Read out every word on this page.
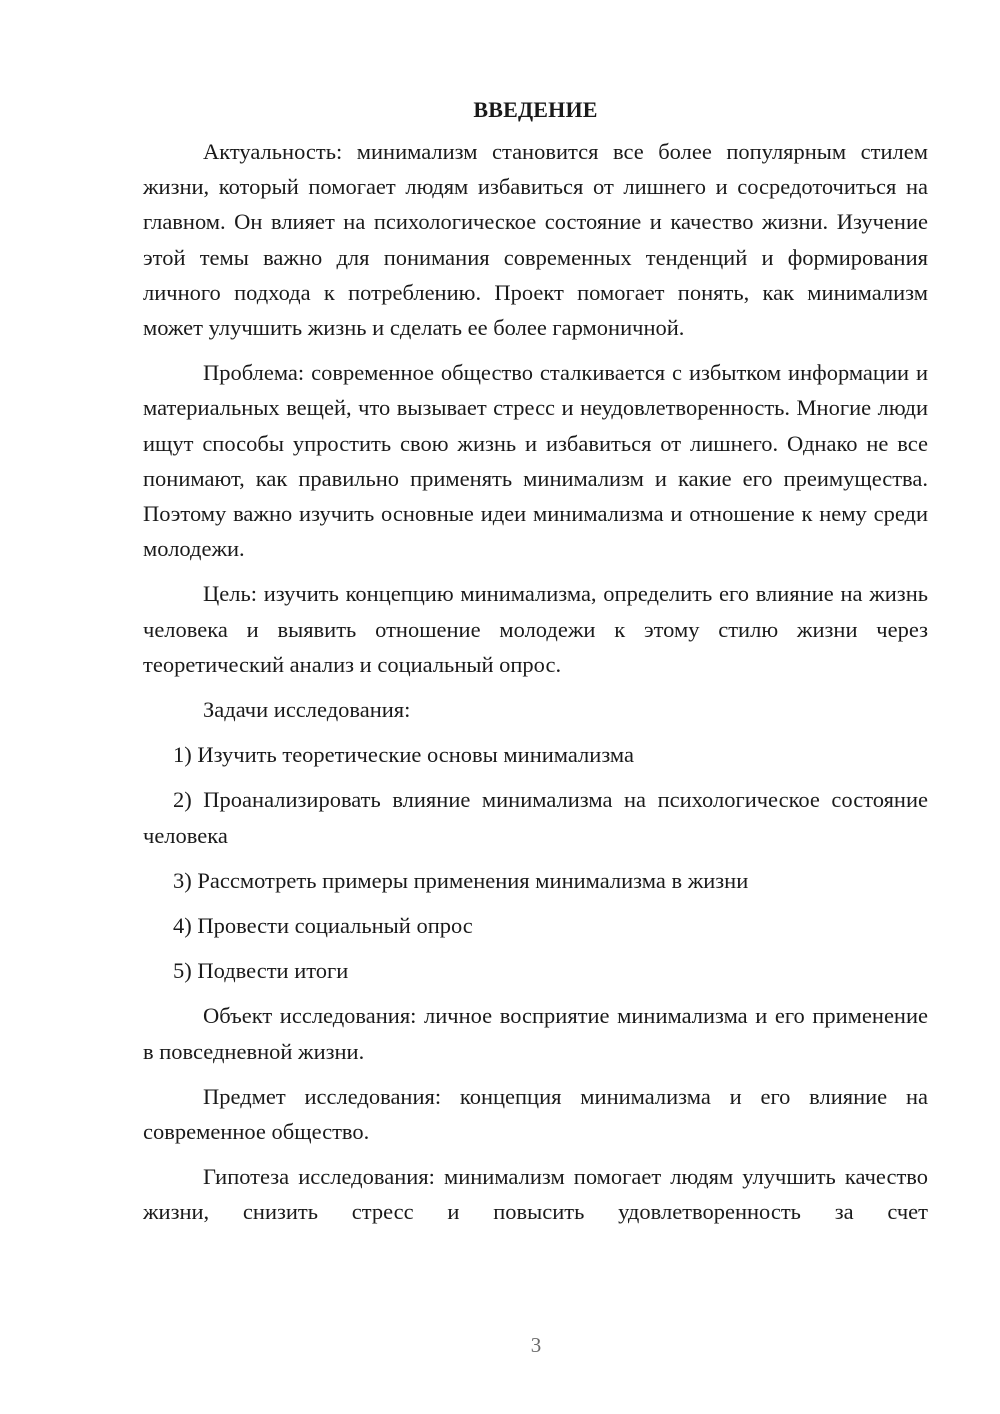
ВВЕДЕНИЕ

Актуальность: минимализм становится все более популярным стилем жизни, который помогает людям избавиться от лишнего и сосредоточиться на главном. Он влияет на психологическое состояние и качество жизни. Изучение этой темы важно для понимания современных тенденций и формирования личного подхода к потреблению. Проект помогает понять, как минимализм может улучшить жизнь и сделать ее более гармоничной.

Проблема: современное общество сталкивается с избытком информации и материальных вещей, что вызывает стресс и неудовлетворенность. Многие люди ищут способы упростить свою жизнь и избавиться от лишнего. Однако не все понимают, как правильно применять минимализм и какие его преимущества. Поэтому важно изучить основные идеи минимализма и отношение к нему среди молодежи.

Цель: изучить концепцию минимализма, определить его влияние на жизнь человека и выявить отношение молодежи к этому стилю жизни через теоретический анализ и социальный опрос.

Задачи исследования:

1) Изучить теоретические основы минимализма

2) Проанализировать влияние минимализма на психологическое состояние человека

3) Рассмотреть примеры применения минимализма в жизни

4) Провести социальный опрос

5) Подвести итоги

Объект исследования: личное восприятие минимализма и его применение в повседневной жизни.

Предмет исследования: концепция минимализма и его влияние на современное общество.

Гипотеза исследования: минимализм помогает людям улучшить качество жизни, снизить стресс и повысить удовлетворенность за счет

3
